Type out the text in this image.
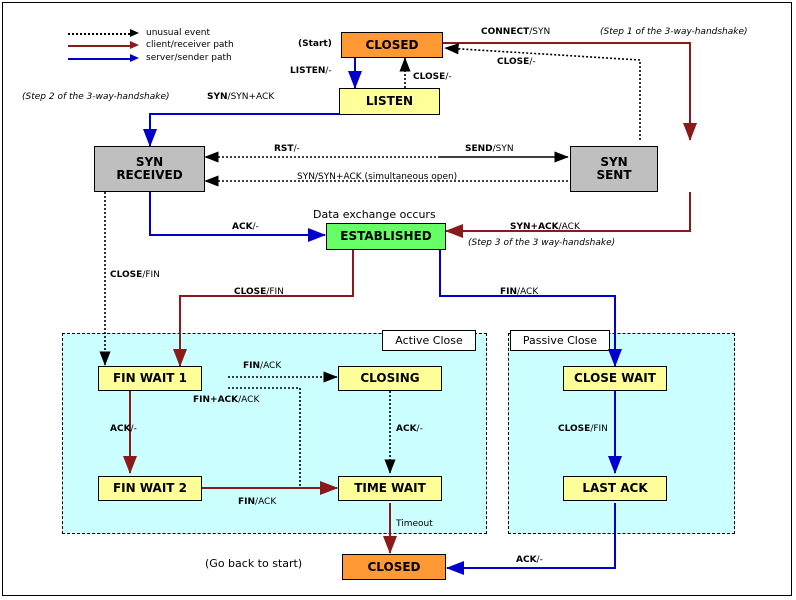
Active Close	Passive Close
unusual event
client/receiver path
server/sender path
CLOSED
LISTEN
SYN
RECEIVED
SYN
SENT
ESTABLISHED
FIN WAIT 1	CLOSING	CLOSE WAIT
FIN WAIT 2	TIME WAIT	LAST ACK
CLOSED
(Start)
(Go back to start)
Data exchange occurs
(Step 1 of the 3-way-handshake)
(Step 2 of the 3-way-handshake)
(Step 3 of the 3 way-handshake)
SYN/SYN+ACK (simultaneous open)
CONNECT/SYN
LISTEN/-
CLOSE/-
CLOSE/-
SYN/SYN+ACK
RST/-	SEND/SYN
ACK/-	SYN+ACK/ACK
CLOSE/FIN
CLOSE/FIN	FIN/ACK
FIN/ACK
FIN+ACK/ACK
ACK/-	ACK/-
FIN/ACK
CLOSE/FIN
Timeout
ACK/-
